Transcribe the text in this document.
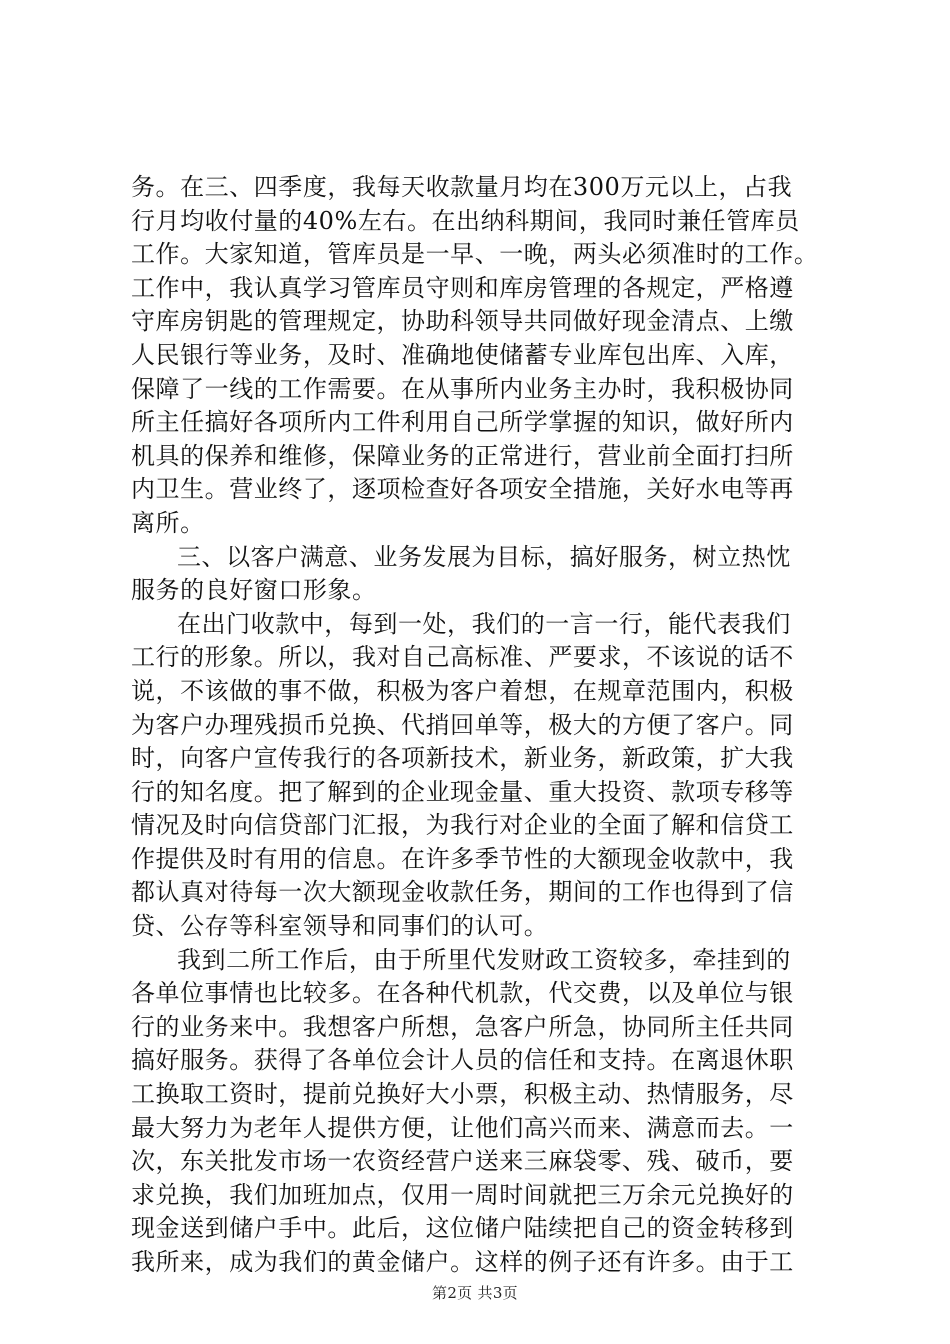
务。在三、四季度，我每天收款量月均在300万元以上，占我
行月均收付量的40%左右。在出纳科期间，我同时兼任管库员
工作。大家知道，管库员是一早、一晚，两头必须准时的工作。
工作中，我认真学习管库员守则和库房管理的各规定，严格遵
守库房钥匙的管理规定，协助科领导共同做好现金清点、上缴
人民银行等业务，及时、准确地使储蓄专业库包出库、入库，
保障了一线的工作需要。在从事所内业务主办时，我积极协同
所主任搞好各项所内工件利用自己所学掌握的知识，做好所内
机具的保养和维修，保障业务的正常进行，营业前全面打扫所
内卫生。营业终了，逐项检查好各项安全措施，关好水电等再
离所。
三、以客户满意、业务发展为目标，搞好服务，树立热忱
服务的良好窗口形象。
在出门收款中，每到一处，我们的一言一行，能代表我们
工行的形象。所以，我对自己高标准、严要求，不该说的话不
说，不该做的事不做，积极为客户着想，在规章范围内，积极
为客户办理残损币兑换、代捎回单等，极大的方便了客户。同
时，向客户宣传我行的各项新技术，新业务，新政策，扩大我
行的知名度。把了解到的企业现金量、重大投资、款项专移等
情况及时向信贷部门汇报，为我行对企业的全面了解和信贷工
作提供及时有用的信息。在许多季节性的大额现金收款中，我
都认真对待每一次大额现金收款任务，期间的工作也得到了信
贷、公存等科室领导和同事们的认可。
我到二所工作后，由于所里代发财政工资较多，牵挂到的
各单位事情也比较多。在各种代机款，代交费，以及单位与银
行的业务来中。我想客户所想，急客户所急，协同所主任共同
搞好服务。获得了各单位会计人员的信任和支持。在离退休职
工换取工资时，提前兑换好大小票，积极主动、热情服务，尽
最大努力为老年人提供方便，让他们高兴而来、满意而去。一
次，东关批发市场一农资经营户送来三麻袋零、残、破币，要
求兑换，我们加班加点，仅用一周时间就把三万余元兑换好的
现金送到储户手中。此后，这位储户陆续把自己的资金转移到
我所来，成为我们的黄金储户。这样的例子还有许多。由于工
第2页 共3页
